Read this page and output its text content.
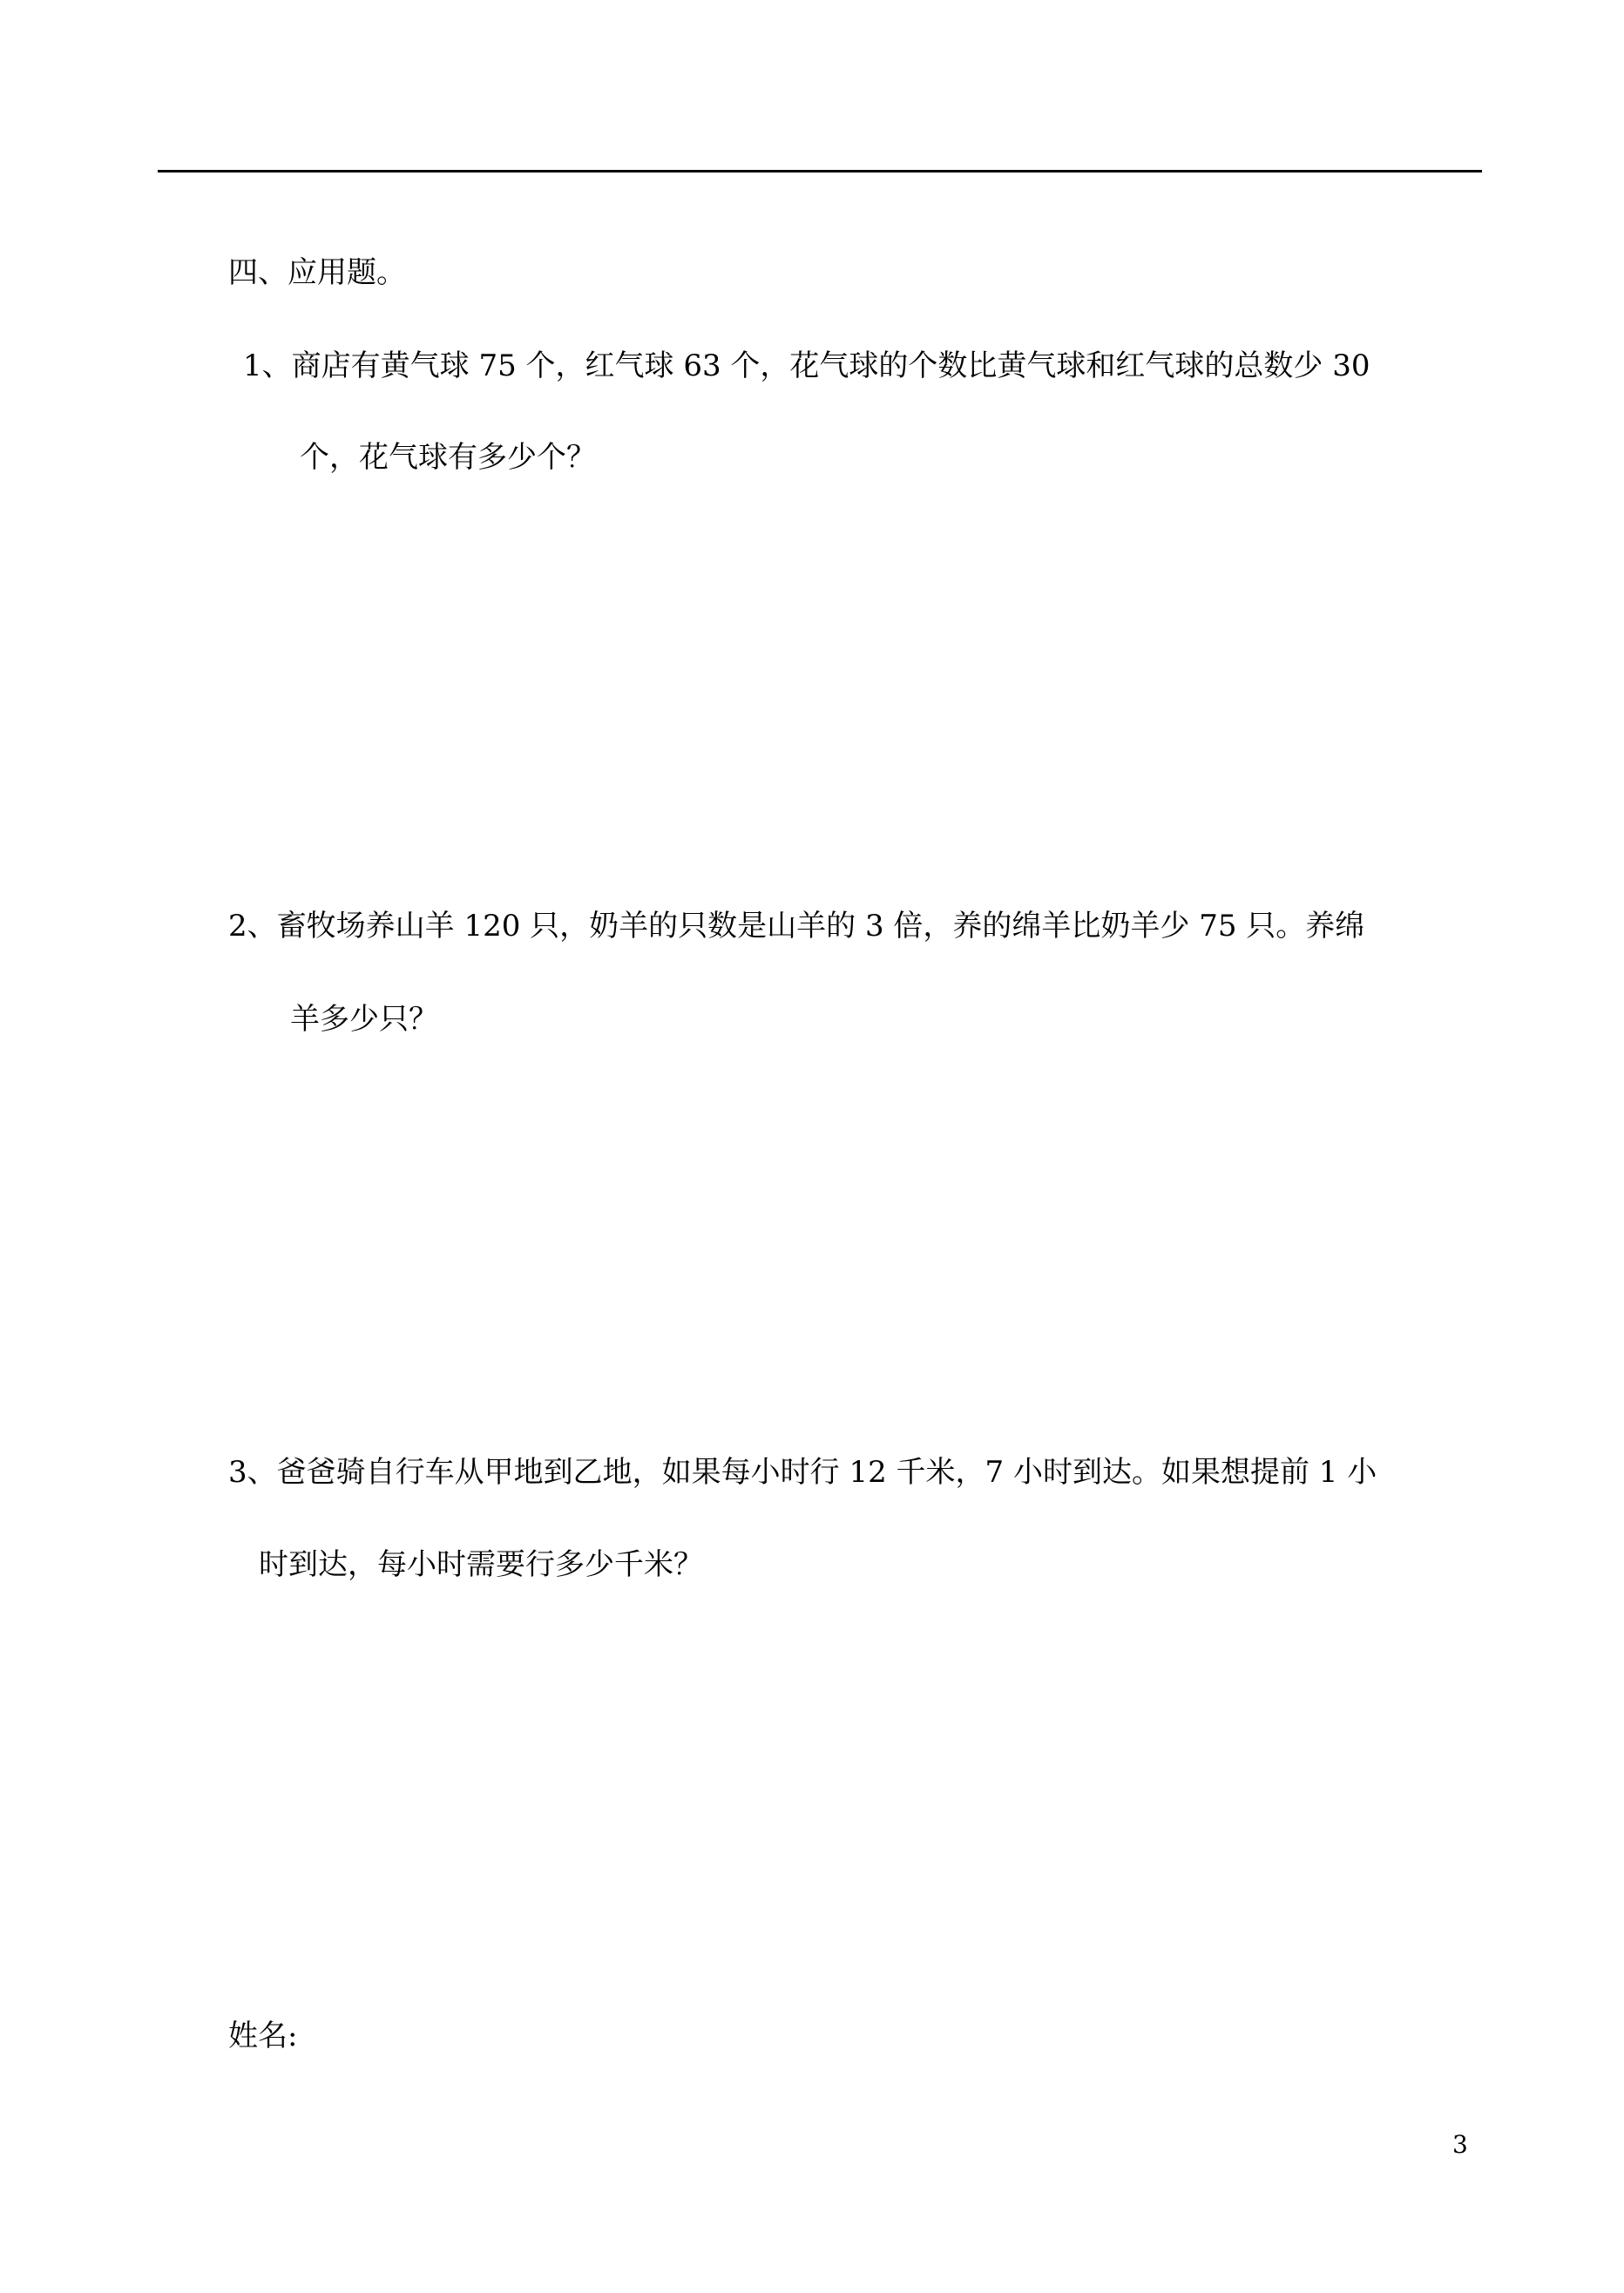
四、应用题。
1、商店有黄气球 75 个，红气球 63 个，花气球的个数比黄气球和红气球的总数少 30
个，花气球有多少个？
2、畜牧场养山羊 120 只，奶羊的只数是山羊的 3 倍，养的绵羊比奶羊少 75 只。养绵
羊多少只？
3、爸爸骑自行车从甲地到乙地，如果每小时行 12 千米，7 小时到达。如果想提前 1 小
时到达，每小时需要行多少千米？
姓名:
3
